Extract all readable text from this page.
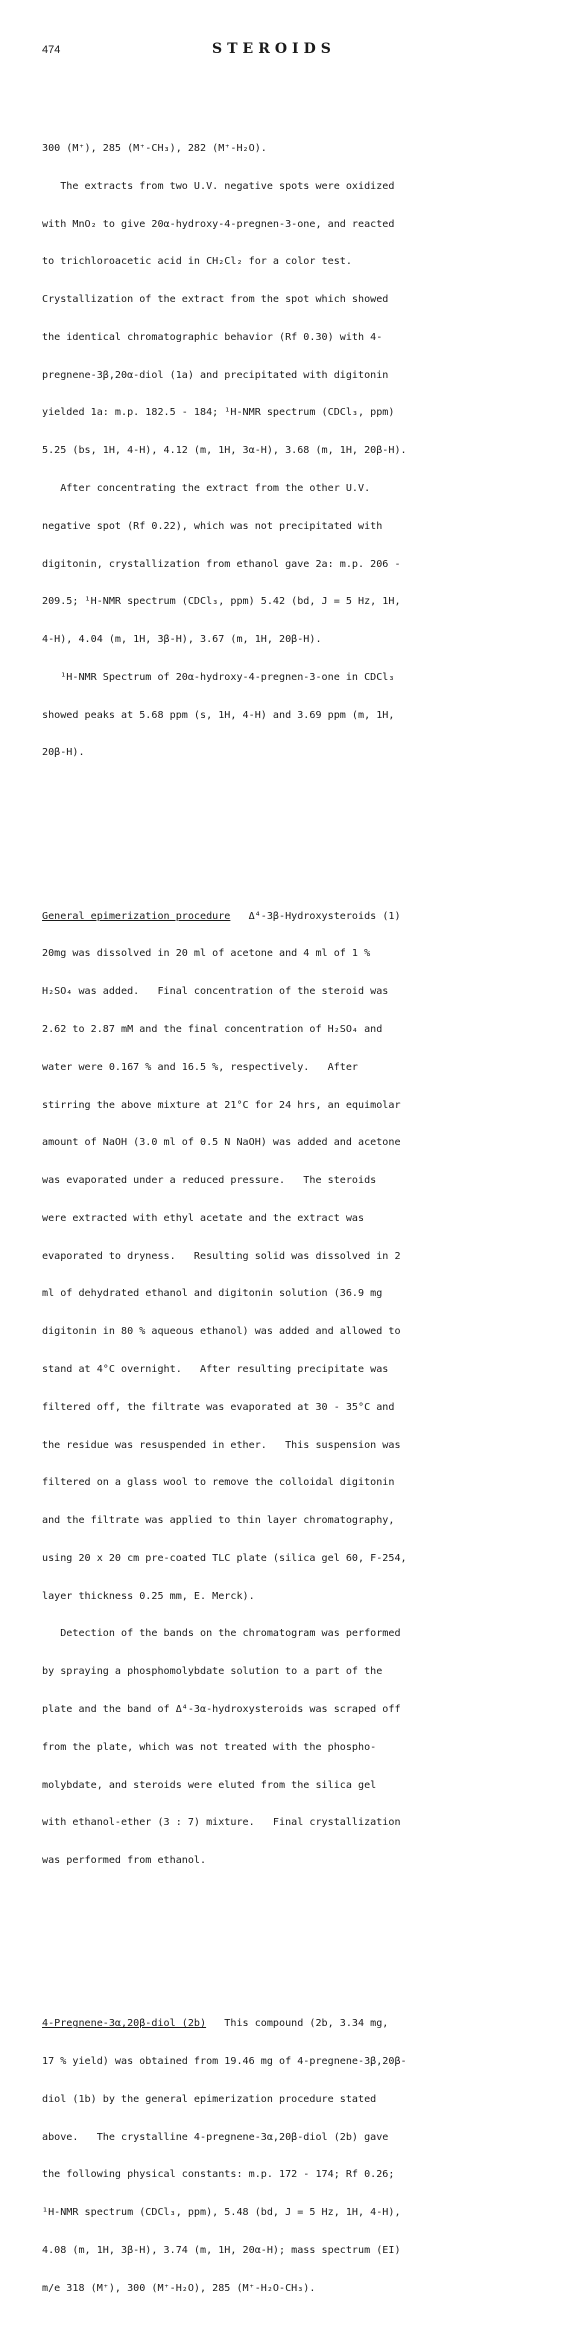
474	STEROIDS

300 (M⁺), 285 (M⁺-CH₃), 282 (M⁺-H₂O).

The extracts from two U.V. negative spots were oxidized

with MnO₂ to give 20α-hydroxy-4-pregnen-3-one, and reacted

to trichloroacetic acid in CH₂Cl₂ for a color test.

Crystallization of the extract from the spot which showed

the identical chromatographic behavior (Rf 0.30) with 4-

pregnene-3β,20α-diol (1a) and precipitated with digitonin

yielded 1a: m.p. 182.5 - 184; ¹H-NMR spectrum (CDCl₃, ppm)

5.25 (bs, 1H, 4-H), 4.12 (m, 1H, 3α-H), 3.68 (m, 1H, 20β-H).

After concentrating the extract from the other U.V.

negative spot (Rf 0.22), which was not precipitated with

digitonin, crystallization from ethanol gave 2a: m.p. 206 -

209.5; ¹H-NMR spectrum (CDCl₃, ppm) 5.42 (bd, J = 5 Hz, 1H,

4-H), 4.04 (m, 1H, 3β-H), 3.67 (m, 1H, 20β-H).

¹H-NMR Spectrum of 20α-hydroxy-4-pregnen-3-one in CDCl₃

showed peaks at 5.68 ppm (s, 1H, 4-H) and 3.69 ppm (m, 1H,

20β-H).

General epimerization procedure   Δ⁴-3β-Hydroxysteroids (1)

20mg was dissolved in 20 ml of acetone and 4 ml of 1 %

H₂SO₄ was added.   Final concentration of the steroid was

2.62 to 2.87 mM and the final concentration of H₂SO₄ and

water were 0.167 % and 16.5 %, respectively.   After

stirring the above mixture at 21°C for 24 hrs, an equimolar

amount of NaOH (3.0 ml of 0.5 N NaOH) was added and acetone

was evaporated under a reduced pressure.   The steroids

were extracted with ethyl acetate and the extract was

evaporated to dryness.   Resulting solid was dissolved in 2

ml of dehydrated ethanol and digitonin solution (36.9 mg

digitonin in 80 % aqueous ethanol) was added and allowed to

stand at 4°C overnight.   After resulting precipitate was

filtered off, the filtrate was evaporated at 30 - 35°C and

the residue was resuspended in ether.   This suspension was

filtered on a glass wool to remove the colloidal digitonin

and the filtrate was applied to thin layer chromatography,

using 20 x 20 cm pre-coated TLC plate (silica gel 60, F-254,

layer thickness 0.25 mm, E. Merck).

Detection of the bands on the chromatogram was performed

by spraying a phosphomolybdate solution to a part of the

plate and the band of Δ⁴-3α-hydroxysteroids was scraped off

from the plate, which was not treated with the phospho-

molybdate, and steroids were eluted from the silica gel

with ethanol-ether (3 : 7) mixture.   Final crystallization

was performed from ethanol.

4-Pregnene-3α,20β-diol (2b)   This compound (2b, 3.34 mg,

17 % yield) was obtained from 19.46 mg of 4-pregnene-3β,20β-

diol (1b) by the general epimerization procedure stated

above.   The crystalline 4-pregnene-3α,20β-diol (2b) gave

the following physical constants: m.p. 172 - 174; Rf 0.26;

¹H-NMR spectrum (CDCl₃, ppm), 5.48 (bd, J = 5 Hz, 1H, 4-H),

4.08 (m, 1H, 3β-H), 3.74 (m, 1H, 20α-H); mass spectrum (EI)

m/e 318 (M⁺), 300 (M⁺-H₂O), 285 (M⁺-H₂O-CH₃).
